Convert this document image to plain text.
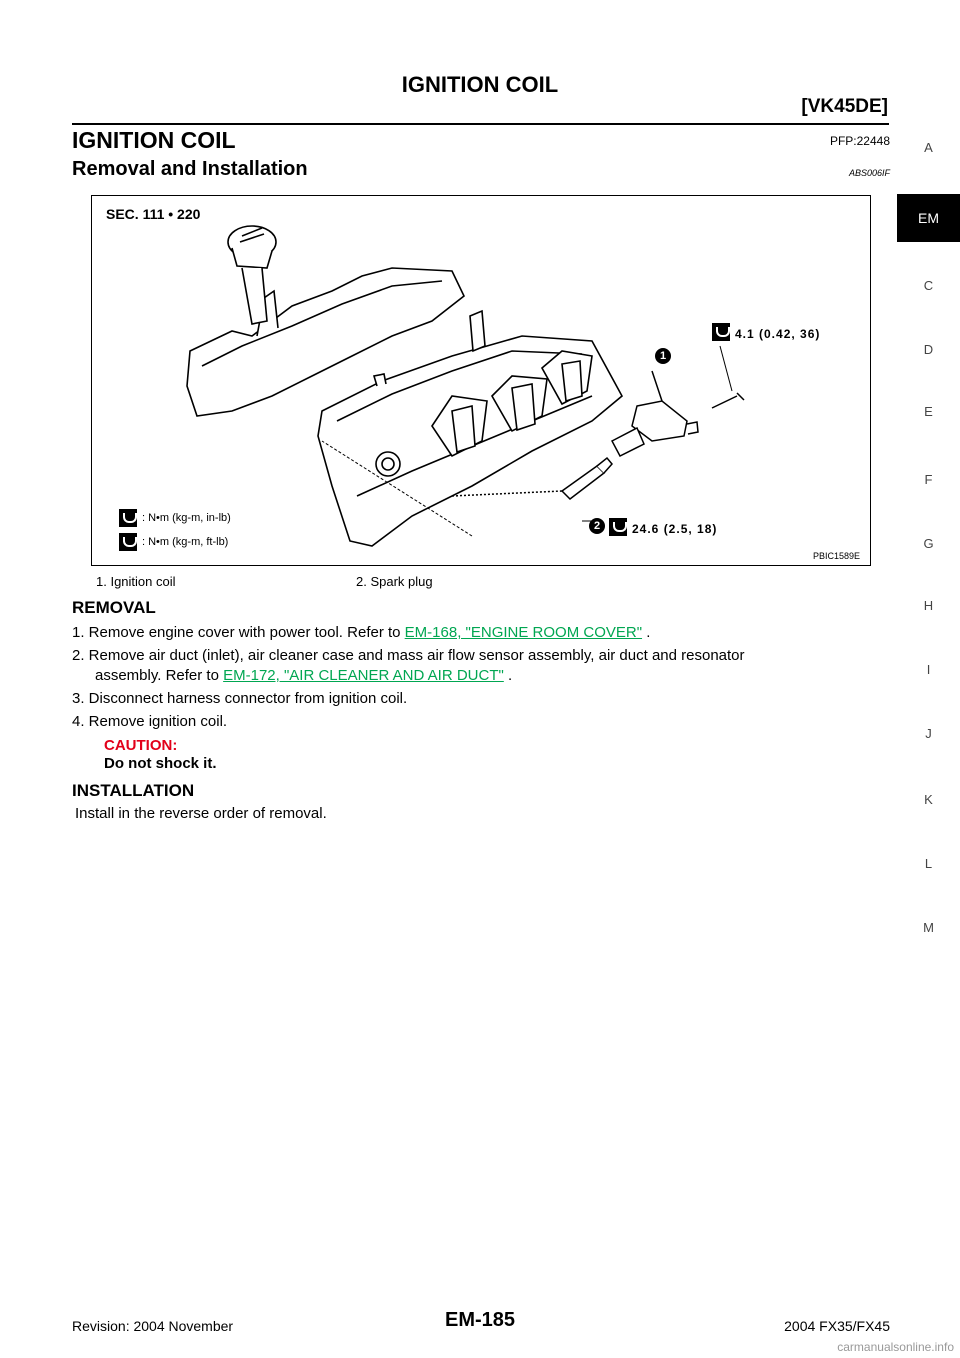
IGNITION COIL
[VK45DE]
IGNITION COIL	PFP:22448
Removal and Installation	ABS006IF
SEC. 111 • 220
1
2
4.1 (0.42, 36)
24.6 (2.5, 18)
: N•m (kg-m, in-lb)
: N•m (kg-m, ft-lb)
PBIC1589E
1. Ignition coil	2. Spark plug
REMOVAL
1. Remove engine cover with power tool. Refer to EM-168, "ENGINE ROOM COVER" .
2. Remove air duct (inlet), air cleaner case and mass air flow sensor assembly, air duct and resonator
assembly. Refer to EM-172, "AIR CLEANER AND AIR DUCT" .
3. Disconnect harness connector from ignition coil.
4. Remove ignition coil.
CAUTION:
Do not shock it.
INSTALLATION
Install in the reverse order of removal.
A
EM
C
D
E
F
G
H
I
J
K
L
M
Revision: 2004 November	EM-185	2004 FX35/FX45
carmanualsonline.info
